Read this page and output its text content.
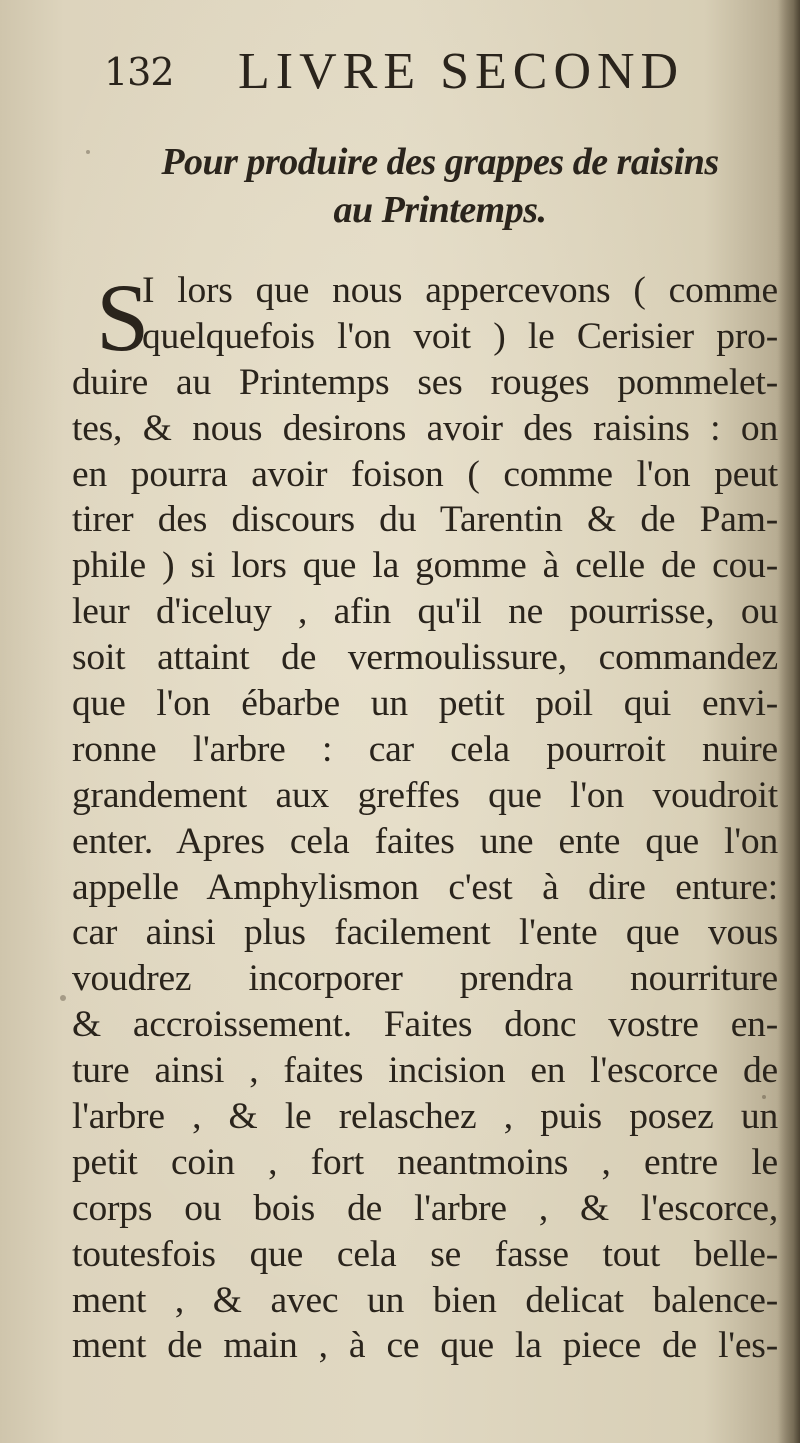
132 LIVRE SECOND
Pour produire des grappes de raisins
au Printemps.
S
I lors que nous appercevons ( comme
quelquefois l'on voit ) le Cerisier pro-
duire au Printemps ses rouges pommelet-
tes, & nous desirons avoir des raisins : on
en pourra avoir foison ( comme l'on peut
tirer des discours du Tarentin & de Pam-
phile ) si lors que la gomme à celle de cou-
leur d'iceluy , afin qu'il ne pourrisse, ou
soit attaint de vermoulissure, commandez
que l'on ébarbe un petit poil qui envi-
ronne l'arbre : car cela pourroit nuire
grandement aux greffes que l'on voudroit
enter. Apres cela faites une ente que l'on
appelle Amphylismon c'est à dire enture:
car ainsi plus facilement l'ente que vous
voudrez incorporer prendra nourriture
& accroissement. Faites donc vostre en-
ture ainsi , faites incision en l'escorce de
l'arbre , & le relaschez , puis posez un
petit coin , fort neantmoins , entre le
corps ou bois de l'arbre , & l'escorce,
toutesfois que cela se fasse tout belle-
ment , & avec un bien delicat balence-
ment de main , à ce que la piece de l'es-
